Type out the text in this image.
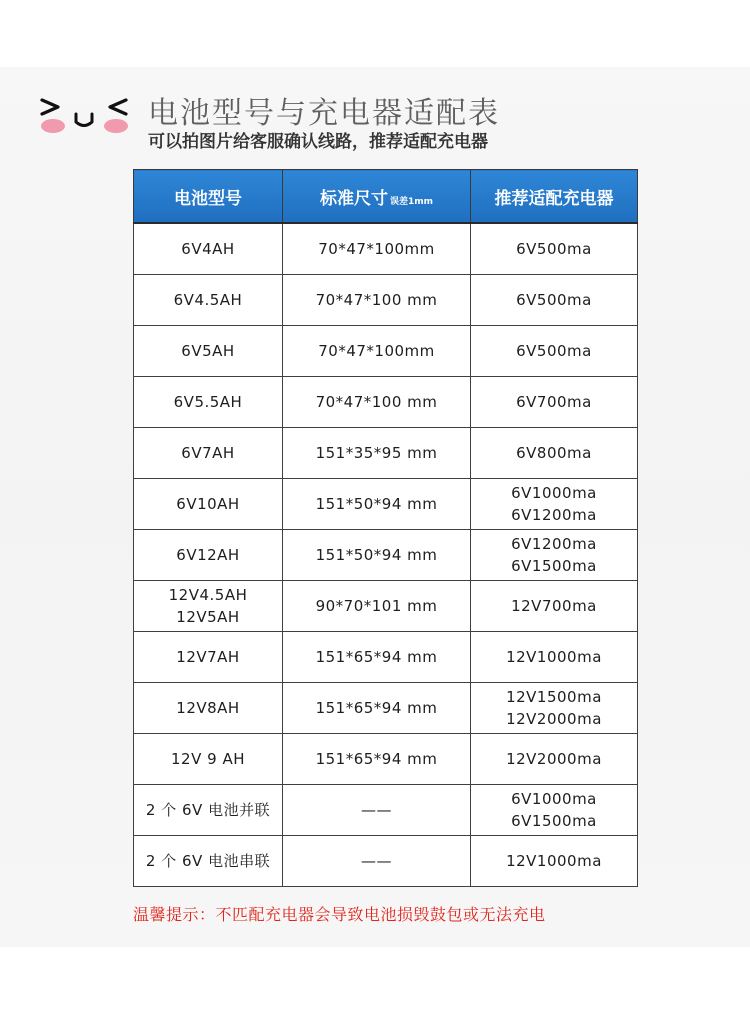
电池型号与充电器适配表

可以拍图片给客服确认线路，推荐适配充电器

电池型号	标准尺寸 误差1mm	推荐适配充电器

6V4AH	70*47*100mm	6V500ma

6V4.5AH	70*47*100 mm	6V500ma

6V5AH	70*47*100mm	6V500ma

6V5.5AH	70*47*100 mm	6V700ma

6V7AH	151*35*95 mm	6V800ma

6V10AH	151*50*94 mm	6V1000ma
6V1200ma

6V12AH	151*50*94 mm	6V1200ma
6V1500ma

12V4.5AH
12V5AH	90*70*101 mm	12V700ma

12V7AH	151*65*94 mm	12V1000ma

12V8AH	151*65*94 mm	12V1500ma
12V2000ma

12V 9 AH	151*65*94 mm	12V2000ma

2 个 6V 电池并联	——	6V1000ma
6V1500ma

2 个 6V 电池串联	——	12V1000ma

温馨提示：不匹配充电器会导致电池损毁鼓包或无法充电
